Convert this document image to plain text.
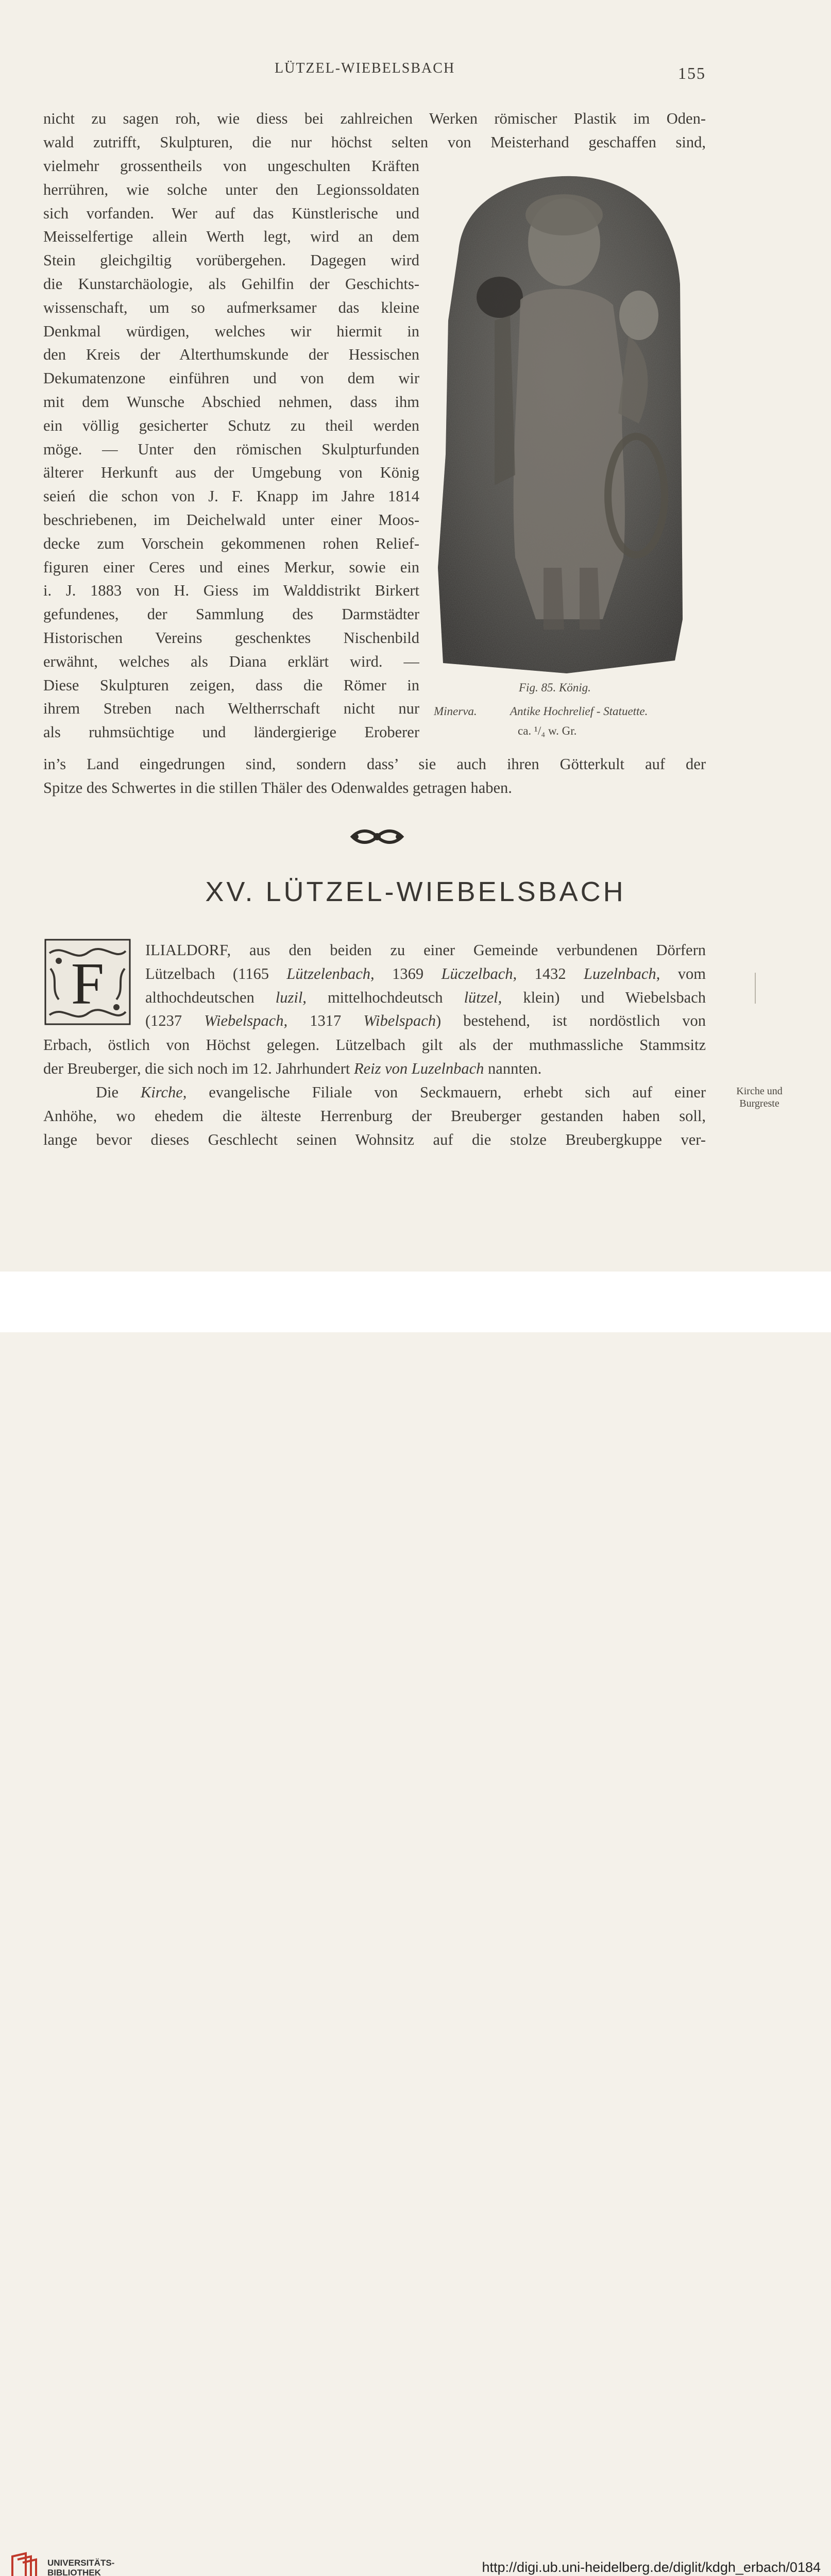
LÜTZEL-WIEBELSBACH	155
nicht zu sagen roh, wie diess bei zahlreichen Werken römischer Plastik im Oden-
wald zutrifft, Skulpturen, die nur höchst selten von Meisterhand geschaffen sind,
vielmehr grossentheils von ungeschulten Kräften
herrühren, wie solche unter den Legionssoldaten
sich vorfanden. Wer auf das Künstlerische und
Meisselfertige allein Werth legt, wird an dem
Stein gleichgiltig vorübergehen. Dagegen wird
die Kunstarchäologie, als Gehilfin der Geschichts-
wissenschaft, um so aufmerksamer das kleine
Denkmal würdigen, welches wir hiermit in
den Kreis der Alterthumskunde der Hessischen
Dekumatenzone einführen und von dem wir
mit dem Wunsche Abschied nehmen, dass ihm
ein völlig gesicherter Schutz zu theil werden
möge. — Unter den römischen Skulpturfunden
älterer Herkunft aus der Umgebung von König
seień die schon von J. F. Knapp im Jahre 1814
beschriebenen, im Deichelwald unter einer Moos-
decke zum Vorschein gekommenen rohen Relief-
figuren einer Ceres und eines Merkur, sowie ein
i. J. 1883 von H. Giess im Walddistrikt Birkert
gefundenes, der Sammlung des Darmstädter
Historischen Vereins geschenktes Nischenbild
erwähnt, welches als Diana erklärt wird. —
Diese Skulpturen zeigen, dass die Römer in
ihrem Streben nach Weltherrschaft nicht nur
als ruhmsüchtige und ländergierige Eroberer
in’s Land eingedrungen sind, sondern dass’ sie auch ihren Götterkult auf der
Spitze des Schwertes in die stillen Thäler des Odenwaldes getragen haben.
Fig. 85. König.
Minerva.	Antike Hochrelief - Statuette.
ca. ¹/₄ w. Gr.
XV. LÜTZEL-WIEBELSBACH
F
ILIALDORF, aus den beiden zu einer Gemeinde verbundenen Dörfern
Lützelbach (1165 Lützelenbach, 1369 Lüczelbach, 1432 Luzelnbach, vom
althochdeutschen luzil, mittelhochdeutsch lützel, klein) und Wiebelsbach
(1237 Wiebelspach, 1317 Wibelspach) bestehend, ist nordöstlich von
Erbach, östlich von Höchst gelegen. Lützelbach gilt als der muthmassliche Stammsitz
der Breuberger, die sich noch im 12. Jahrhundert Reiz von Luzelnbach nannten.
Die Kirche, evangelische Filiale von Seckmauern, erhebt sich auf einer
Anhöhe, wo ehedem die älteste Herrenburg der Breuberger gestanden haben soll,
lange bevor dieses Geschlecht seinen Wohnsitz auf die stolze Breubergkuppe ver-
Kirche und
Burgreste
UNIVERSITÄTS-
BIBLIOTHEK	http://digi.ub.uni-heidelberg.de/diglit/kdgh_erbach/0184
